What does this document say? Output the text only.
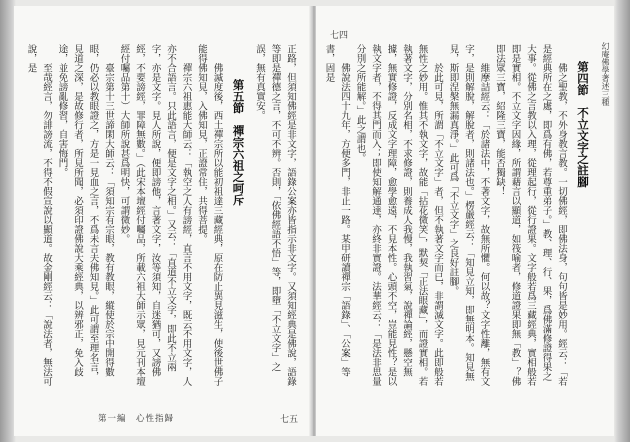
正路，但須知佛經是非文字，語錄公案亦皆指示非文字。又須知經典是佛說，語錄等即是禪德之言，不可不辨。否則，「依佛經語不悟」等，即墮「不立文字」之誤，無有真實安。

第五節　禪宗六祖之呵斥

佛滅度後，西土禪宗所以能初祖達三藏經典，原在防止異見滋生，使後世佛子能得佛知見，入佛知見，正證常住，共得菩提。

禪宗六祖惠能大師云：「執空之人有謗經，直言不用文字，既云不用文字，人亦不合語言。只此語言，便是文字之相。」又云：「直道不立文字，即此不立兩字，亦是文字。見人所說，便即謗他，言著文字，汝等須知，自迷猶可，又謗佛經，不要謗經，罪障無數。」（此宋本壇經付囑品，所載六祖大師示眾，見元刊本壇經付囑品第十）大師所說甚爲明快，可謂微妙。

臺宗第十三世諦閑大師云：「須知宗有宗眼，教有教眼，縱使於宗中開得數眼，仍必以教眼證之，方是一見血之言，不爲未言夫佛知見。」此可謂至理名言，見道之深，是故修行者，所見所聞，必須印證佛說大乘經典，以辨邪正，免入歧途，並免謗亂修習，自害悔門。

至哉經言，勿誹謗流，不得不假宣說以顯道。故金剛經云：「說法者，無法可說，是

第一編　心性指歸	七五
幻庵佛學著述三種
七四
第四節　不立文字之註腳

佛之聖教，不外身教言教。一切佛經，即佛法身，句句皆是妙用。經云：「若是經典所在之處，即爲有佛，若尊重弟子。」教、理、行、果，爲佛滿修證得果之大事。從佛之言教以入理，從理起行，從行證果。文字般若爲三藏經典，實相般若即是實相。不立文字因緣，所謂藉言以顯道，如筏喻者，修道證果即無「教」？佛即法眾三寶，紹隆三寶，能否獨缺！

維摩詰經云：「於諸法中，不著文字，故無所懼。何以故？文字性離，無有文字，是則解脫，解脫者，則諸法也。」楞嚴經云：「知見立知，即無明本。知見無見，斯即涅槃無漏真淨。」此可爲「不立文字」之良好註腳。

於此可見，所謂「不立文字」者，但不執著文字而已，非謂滅文字。此即般若無性之妙用。惟其不執文字，故能「拈花微笑」，默契「正法眼藏」，而證實相。若執著文字，分別名相，不求修證，則養成人我慢，我執習氣，說禪論經，懸空無據，無實修證，反成文字理障，愈學愈遠，不見本性。心頭不空，豈能見性？是以執文字者，不得其門而入；即使知解通達，亦終非實證。法華經云：「是法非思量分別之所能解。」此之謂也。

佛說法四十九年，方便多門，非止一路。某甲研讀禪宗「語錄」、「公案」等書，固是
